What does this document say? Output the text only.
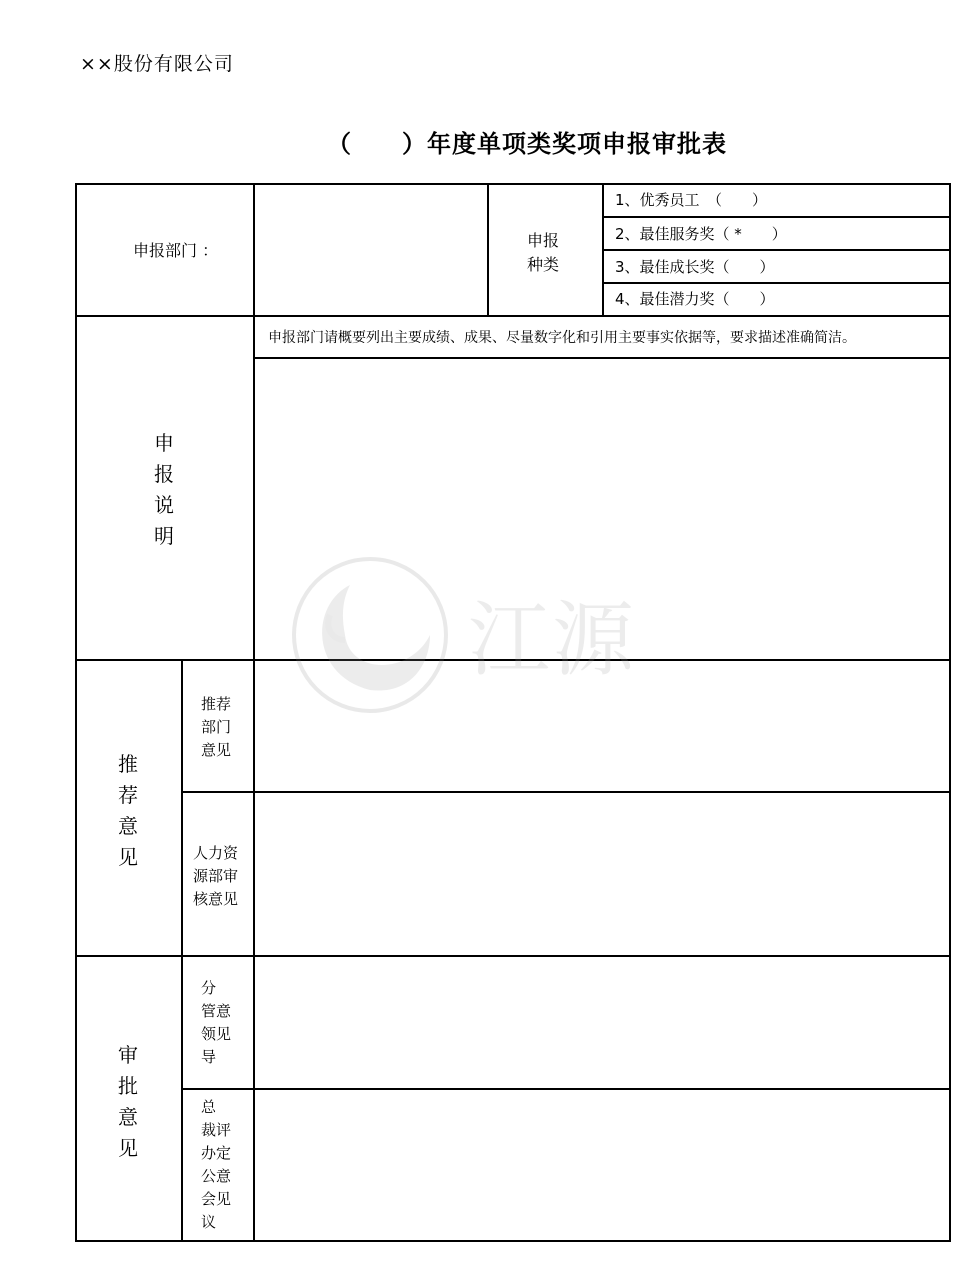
××股份有限公司
（　　）年度单项类奖项申报审批表
申报部门 ：
申报
种类
1、优秀员工　（　　）
2、最佳服务奖（ *　　）
3、最佳成长奖（　　）
4、最佳潜力奖（　　）
申报说明
申报部门请概要列出主要成绩、成果、尽量数字化和引用主要事实依据等，要求描述准确简洁。
推荐意见
推荐
部门
意见
人力资
源部审
核意见
审批意见
分
管意
领见
导
总
裁评
办定
公意
会见
议
江源
